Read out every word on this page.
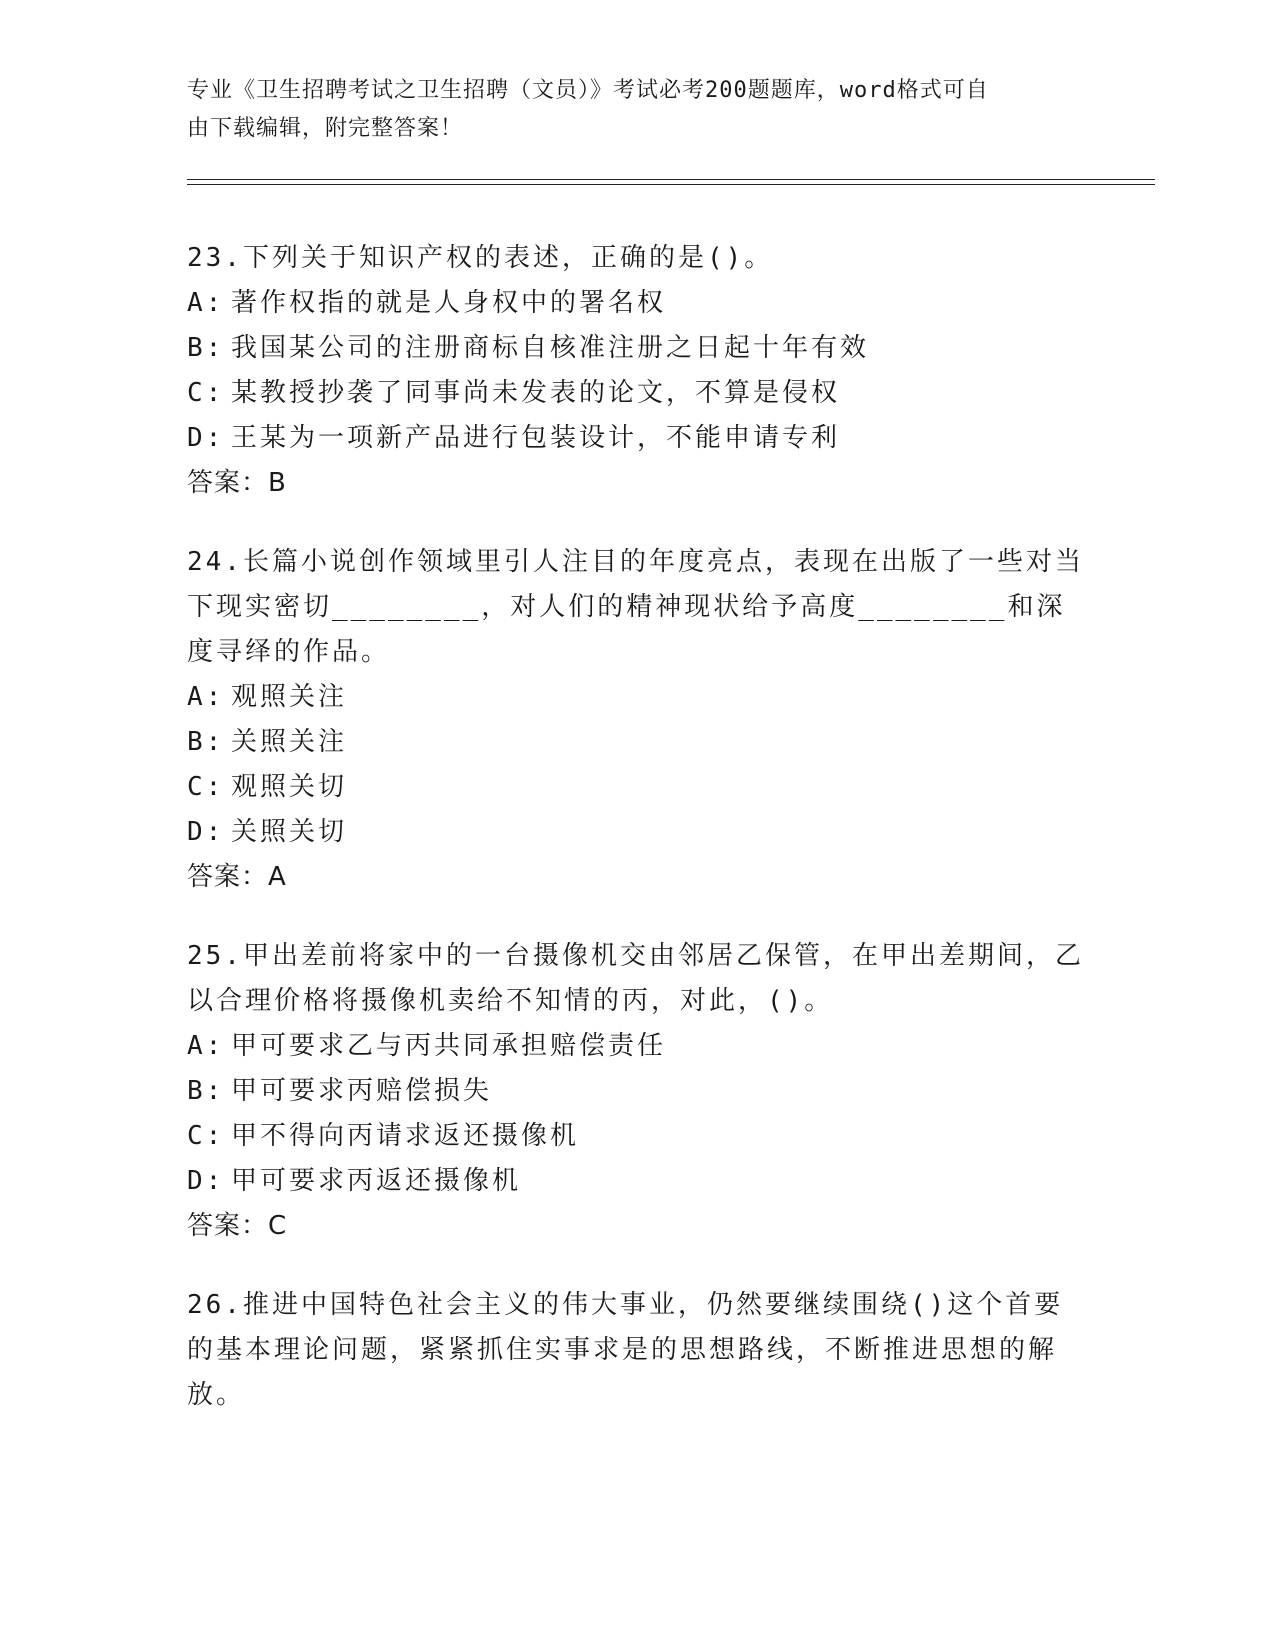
专业《卫生招聘考试之卫生招聘（文员）》考试必考200题题库，word格式可自
由下载编辑，附完整答案！

23.下列关于知识产权的表述，正确的是()。

A: 著作权指的就是人身权中的署名权

B: 我国某公司的注册商标自核准注册之日起十年有效

C: 某教授抄袭了同事尚未发表的论文，不算是侵权

D: 王某为一项新产品进行包装设计，不能申请专利

答案：B

24.长篇小说创作领域里引人注目的年度亮点，表现在出版了一些对当下现实密切________，对人们的精神现状给予高度________和深度寻绎的作品。

A: 观照关注

B: 关照关注

C: 观照关切

D: 关照关切

答案：A

25.甲出差前将家中的一台摄像机交由邻居乙保管，在甲出差期间，乙以合理价格将摄像机卖给不知情的丙，对此，()。

A: 甲可要求乙与丙共同承担赔偿责任

B: 甲可要求丙赔偿损失

C: 甲不得向丙请求返还摄像机

D: 甲可要求丙返还摄像机

答案：C

26.推进中国特色社会主义的伟大事业，仍然要继续围绕()这个首要的基本理论问题，紧紧抓住实事求是的思想路线，不断推进思想的解放。
